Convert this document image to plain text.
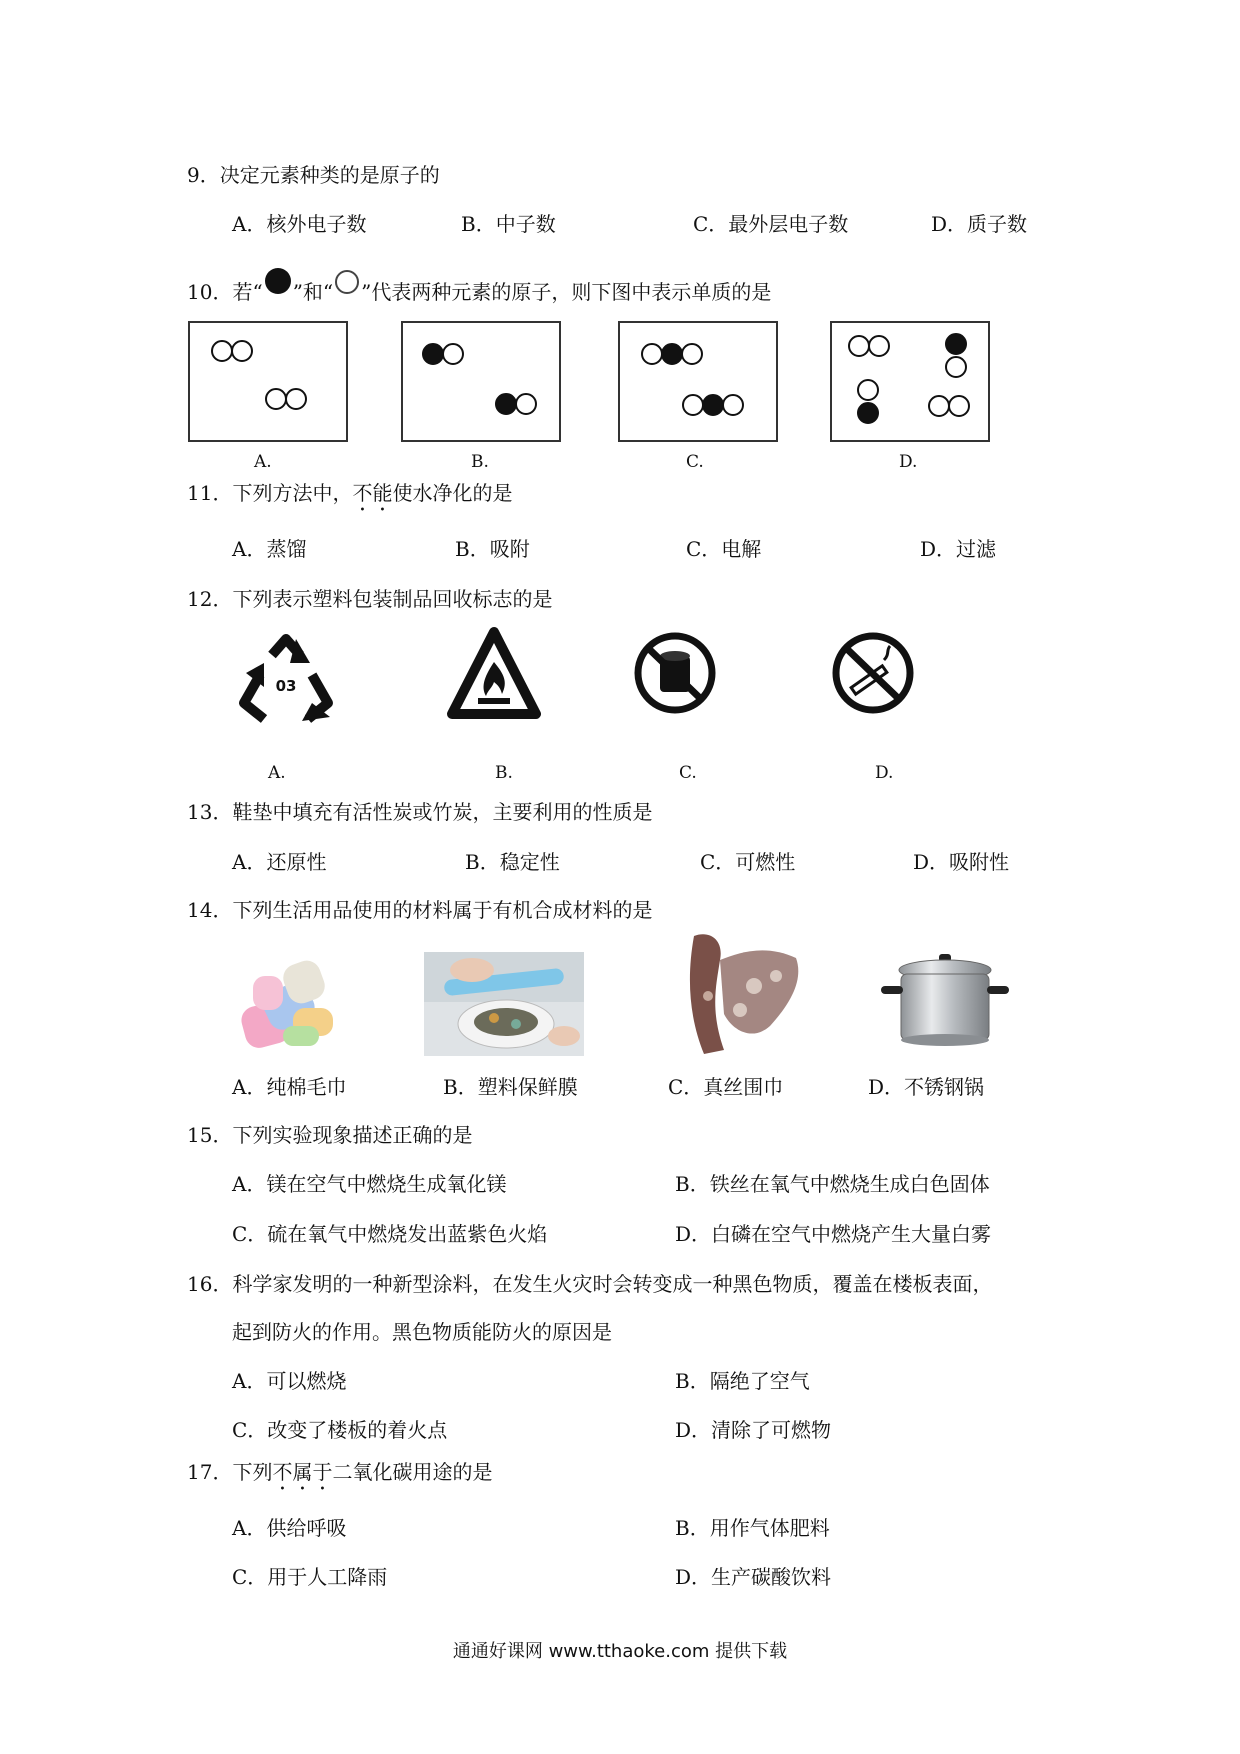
9．决定元素种类的是原子的
A．核外电子数	B．中子数	C．最外层电子数	D．质子数
10．若“ ”和“ ”代表两种元素的原子，则下图中表示单质的是
A.	B.	C.	D.
11．下列方法中，不能使水净化的是
A．蒸馏	B．吸附	C．电解	D．过滤
12．下列表示塑料包装制品回收标志的是
03
A.	B.	C.	D.
13．鞋垫中填充有活性炭或竹炭，主要利用的性质是
A．还原性	B．稳定性	C．可燃性	D．吸附性
14．下列生活用品使用的材料属于有机合成材料的是
A．纯棉毛巾	B．塑料保鲜膜	C．真丝围巾	D．不锈钢锅
15．下列实验现象描述正确的是
A．镁在空气中燃烧生成氧化镁	B．铁丝在氧气中燃烧生成白色固体
C．硫在氧气中燃烧发出蓝紫色火焰	D．白磷在空气中燃烧产生大量白雾
16．科学家发明的一种新型涂料，在发生火灾时会转变成一种黑色物质，覆盖在楼板表面，
起到防火的作用。黑色物质能防火的原因是
A．可以燃烧	B．隔绝了空气
C．改变了楼板的着火点	D．清除了可燃物
17．下列不属于二氧化碳用途的是
A．供给呼吸	B．用作气体肥料
C．用于人工降雨	D．生产碳酸饮料
通通好课网 www.tthaoke.com 提供下载
